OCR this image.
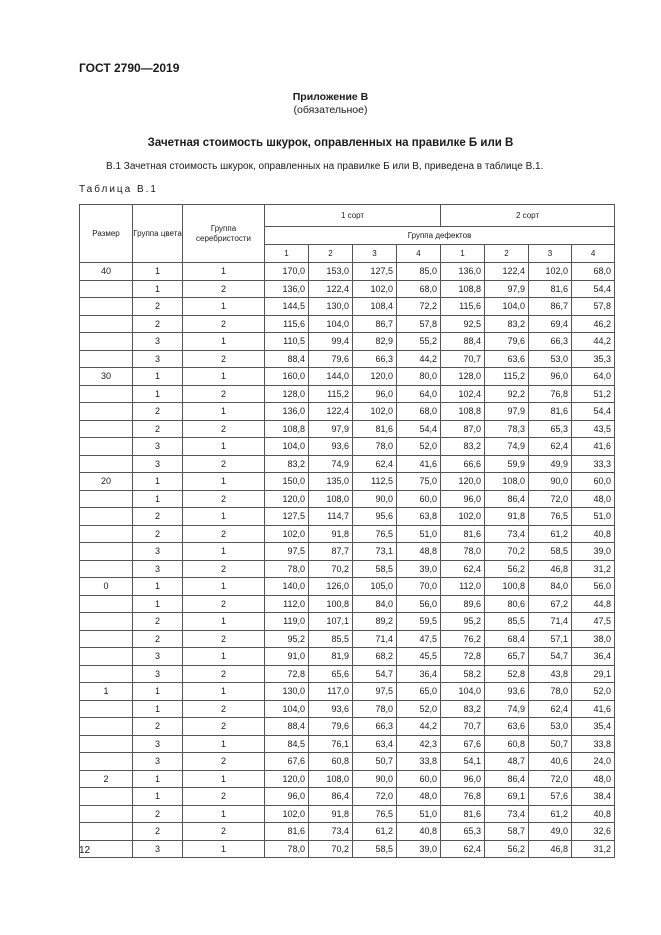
ГОСТ 2790—2019
Приложение В
(обязательное)
Зачетная стоимость шкурок, оправленных на правилке Б или В
В.1 Зачетная стоимость шкурок, оправленных на правилке Б или В, приведена в таблице В.1.
Таблица В.1
Размер	Группа цвета	Группа серебристости	1 сорт				2 сорт			
			Группа дефектов							
			1	2	3	4	1	2	3	4
40	1	1	170,0	153,0	127,5	85,0	136,0	122,4	102,0	68,0
	1	2	136,0	122,4	102,0	68,0	108,8	97,9	81,6	54,4
	2	1	144,5	130,0	108,4	72,2	115,6	104,0	86,7	57,8
	2	2	115,6	104,0	86,7	57,8	92,5	83,2	69,4	46,2
	3	1	110,5	99,4	82,9	55,2	88,4	79,6	66,3	44,2
	3	2	88,4	79,6	66,3	44,2	70,7	63,6	53,0	35,3
30	1	1	160,0	144,0	120,0	80,0	128,0	115,2	96,0	64,0
	1	2	128,0	115,2	96,0	64,0	102,4	92,2	76,8	51,2
	2	1	136,0	122,4	102,0	68,0	108,8	97,9	81,6	54,4
	2	2	108,8	97,9	81,6	54,4	87,0	78,3	65,3	43,5
	3	1	104,0	93,6	78,0	52,0	83,2	74,9	62,4	41,6
	3	2	83,2	74,9	62,4	41,6	66,6	59,9	49,9	33,3
20	1	1	150,0	135,0	112,5	75,0	120,0	108,0	90,0	60,0
	1	2	120,0	108,0	90,0	60,0	96,0	86,4	72,0	48,0
	2	1	127,5	114,7	95,6	63,8	102,0	91,8	76,5	51,0
	2	2	102,0	91,8	76,5	51,0	81,6	73,4	61,2	40,8
	3	1	97,5	87,7	73,1	48,8	78,0	70,2	58,5	39,0
	3	2	78,0	70,2	58,5	39,0	62,4	56,2	46,8	31,2
0	1	1	140,0	126,0	105,0	70,0	112,0	100,8	84,0	56,0
	1	2	112,0	100,8	84,0	56,0	89,6	80,6	67,2	44,8
	2	1	119,0	107,1	89,2	59,5	95,2	85,5	71,4	47,5
	2	2	95,2	85,5	71,4	47,5	76,2	68,4	57,1	38,0
	3	1	91,0	81,9	68,2	45,5	72,8	65,7	54,7	36,4
	3	2	72,8	65,6	54,7	36,4	58,2	52,8	43,8	29,1
1	1	1	130,0	117,0	97,5	65,0	104,0	93,6	78,0	52,0
	1	2	104,0	93,6	78,0	52,0	83,2	74,9	62,4	41,6
	2	2	88,4	79,6	66,3	44,2	70,7	63,6	53,0	35,4
	3	1	84,5	76,1	63,4	42,3	67,6	60,8	50,7	33,8
	3	2	67,6	60,8	50,7	33,8	54,1	48,7	40,6	24,0
2	1	1	120,0	108,0	90,0	60,0	96,0	86,4	72,0	48,0
	1	2	96,0	86,4	72,0	48,0	76,8	69,1	57,6	38,4
	2	1	102,0	91,8	76,5	51,0	81,6	73,4	61,2	40,8
	2	2	81,6	73,4	61,2	40,8	65,3	58,7	49,0	32,6
	3	1	78,0	70,2	58,5	39,0	62,4	56,2	46,8	31,2
12
